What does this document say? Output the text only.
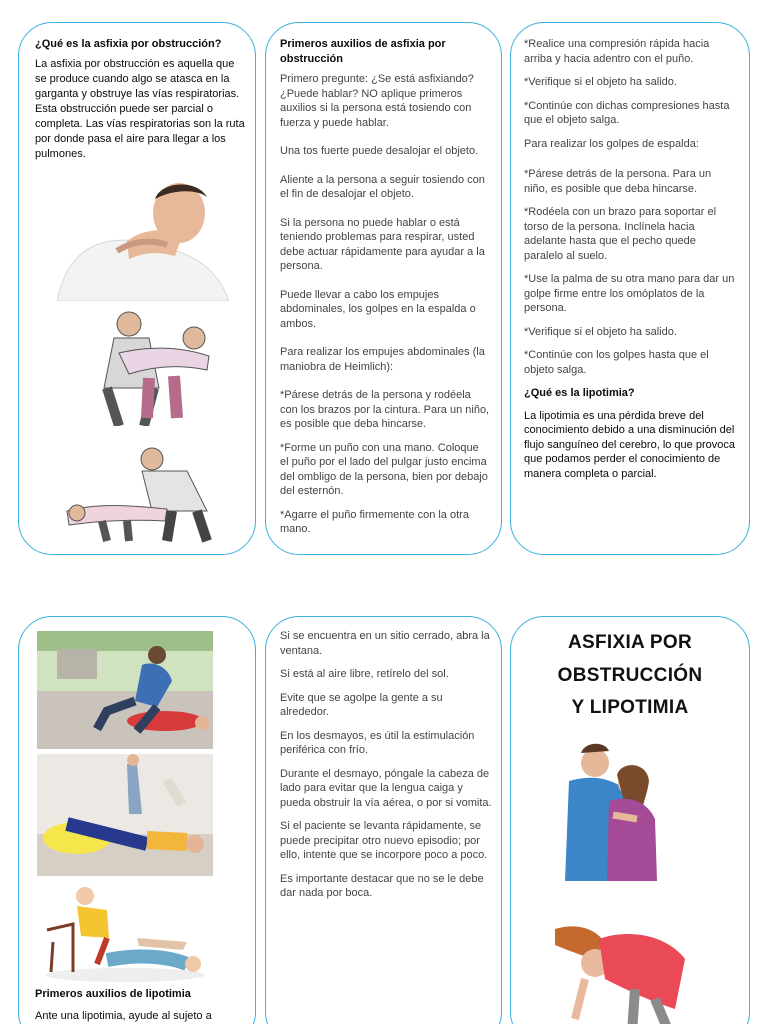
¿Qué es la asfixia por obstrucción?
La asfixia por obstrucción es aquella que se produce cuando algo se atasca en la garganta y obstruye las vías respiratorias. Esta obstrucción puede ser parcial o completa. Las vías respiratorias son la ruta por donde pasa el aire para llegar a los pulmones.
Primeros auxilios de asfixia por obstrucción

Primero pregunte: ¿Se está asfixiando? ¿Puede hablar? NO aplique primeros auxilios si la persona está tosiendo con fuerza y puede hablar.

Una tos fuerte puede desalojar el objeto.

Aliente a la persona a seguir tosiendo con el fin de desalojar el objeto.

Si la persona no puede hablar o está teniendo problemas para respirar, usted debe actuar rápidamente para ayudar a la persona.

Puede llevar a cabo los empujes abdominales, los golpes en la espalda o ambos.

Para realizar los empujes abdominales (la maniobra de Heimlich):

*Párese detrás de la persona y rodéela con los brazos por la cintura. Para un niño, es posible que deba hincarse.

*Forme un puño con una mano. Coloque el puño por el lado del pulgar justo encima del ombligo de la persona, bien por debajo del esternón.

*Agarre el puño firmemente con la otra mano.

*Realice una compresión rápida hacia arriba y hacia adentro con el puño.

*Verifique si el objeto ha salido.

*Continúe con dichas compresiones hasta que el objeto salga.

Para realizar los golpes de espalda:

*Párese detrás de la persona. Para un niño, es posible que deba hincarse.

*Rodéela con un brazo para soportar el torso de la persona. Inclínela hacia adelante hasta que el pecho quede paralelo al suelo.

*Use la palma de su otra mano para dar un golpe firme entre los omóplatos de la persona.

*Verifique si el objeto ha salido.

*Continúe con los golpes hasta que el objeto salga.

¿Qué es la lipotimia?

La lipotimia es una pérdida breve del conocimiento debido a una disminución del flujo sanguíneo del cerebro, lo que provoca que podamos perder el conocimiento de manera completa o parcial.

Primeros auxilios de lipotimia
Ante una lipotimia, ayude al sujeto a

Si se encuentra en un sitio cerrado, abra la ventana.

Si está al aire libre, retírelo del sol.

Evite que se agolpe la gente a su alrededor.

En los desmayos, es útil la estimulación periférica con frío.

Durante el desmayo, póngale la cabeza de lado para evitar que la lengua caiga y pueda obstruir la vía aérea, o por si vomita.

Si el paciente se levanta rápidamente, se puede precipitar otro nuevo episodio; por ello, intente que se incorpore poco a poco.

Es importante destacar que no se le debe dar nada por boca.

ASFIXIA POR
OBSTRUCCIÓN
Y LIPOTIMIA
